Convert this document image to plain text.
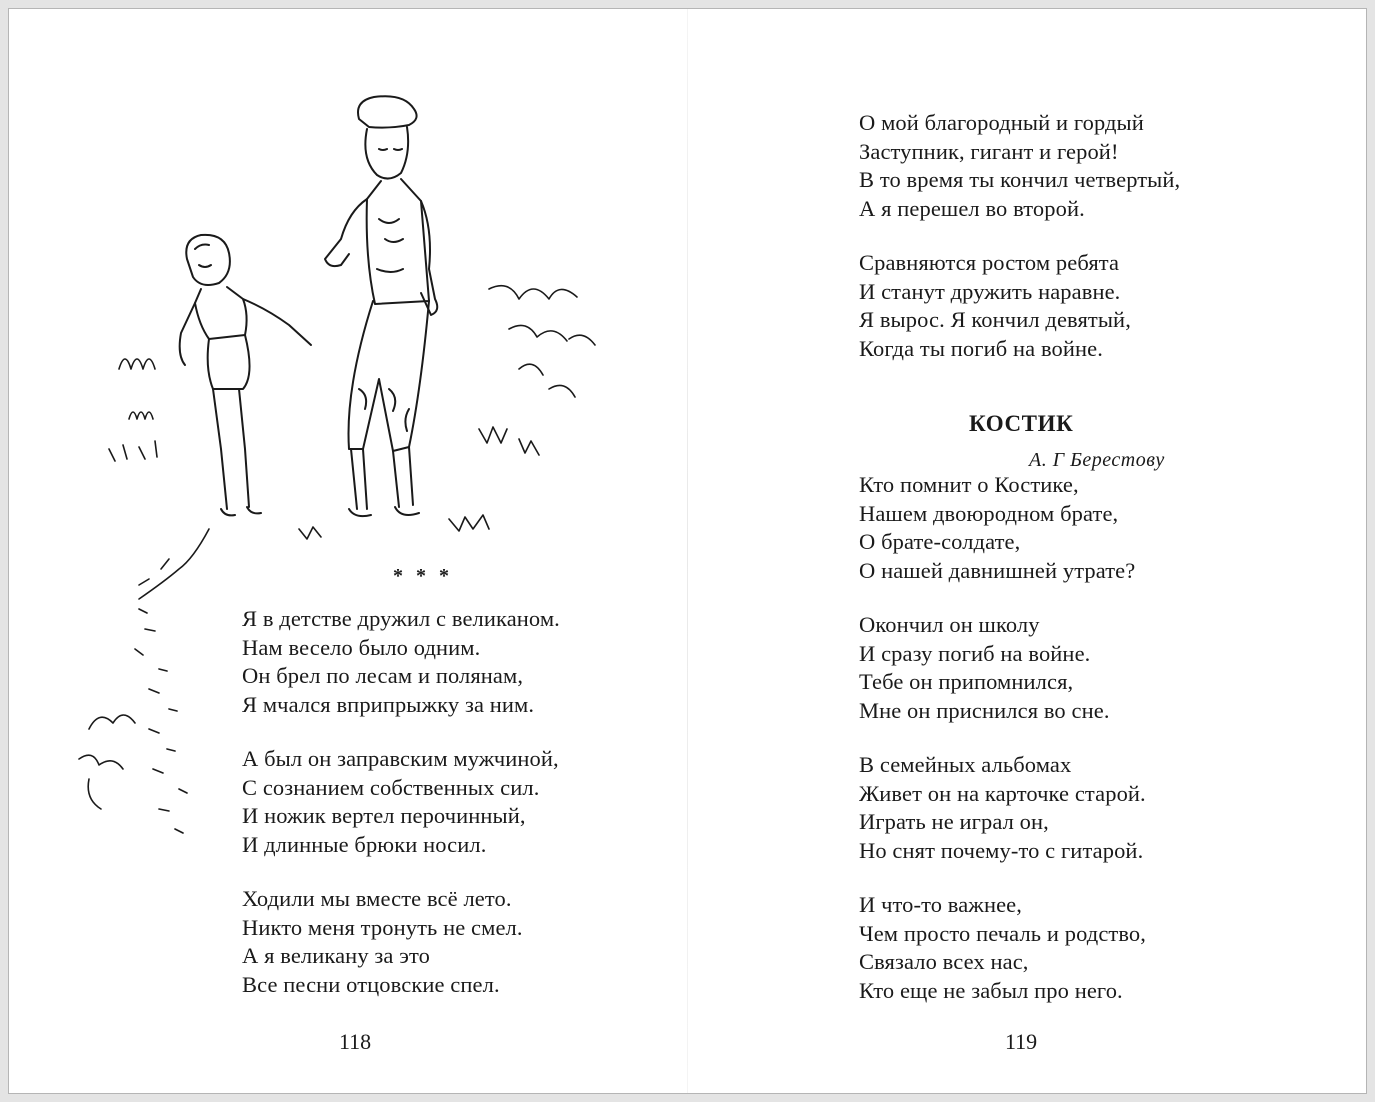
* * *
Я в детстве дружил с великаном.
Нам весело было одним.
Он брел по лесам и полянам,
Я мчался вприпрыжку за ним.
А был он заправским мужчиной,
С сознанием собственных сил.
И ножик вертел перочинный,
И длинные брюки носил.
Ходили мы вместе всё лето.
Никто меня тронуть не смел.
А я великану за это
Все песни отцовские спел.
118
О мой благородный и гордый
Заступник, гигант и герой!
В то время ты кончил четвертый,
А я перешел во второй.
Сравняются ростом ребята
И станут дружить наравне.
Я вырос. Я кончил девятый,
Когда ты погиб на войне.
КОСТИК
А. Г Берестову
Кто помнит о Костике,
Нашем двоюродном брате,
О брате-солдате,
О нашей давнишней утрате?
Окончил он школу
И сразу погиб на войне.
Тебе он припомнился,
Мне он приснился во сне.
В семейных альбомах
Живет он на карточке старой.
Играть не играл он,
Но снят почему-то с гитарой.
И что-то важнее,
Чем просто печаль и родство,
Связало всех нас,
Кто еще не забыл про него.
119
